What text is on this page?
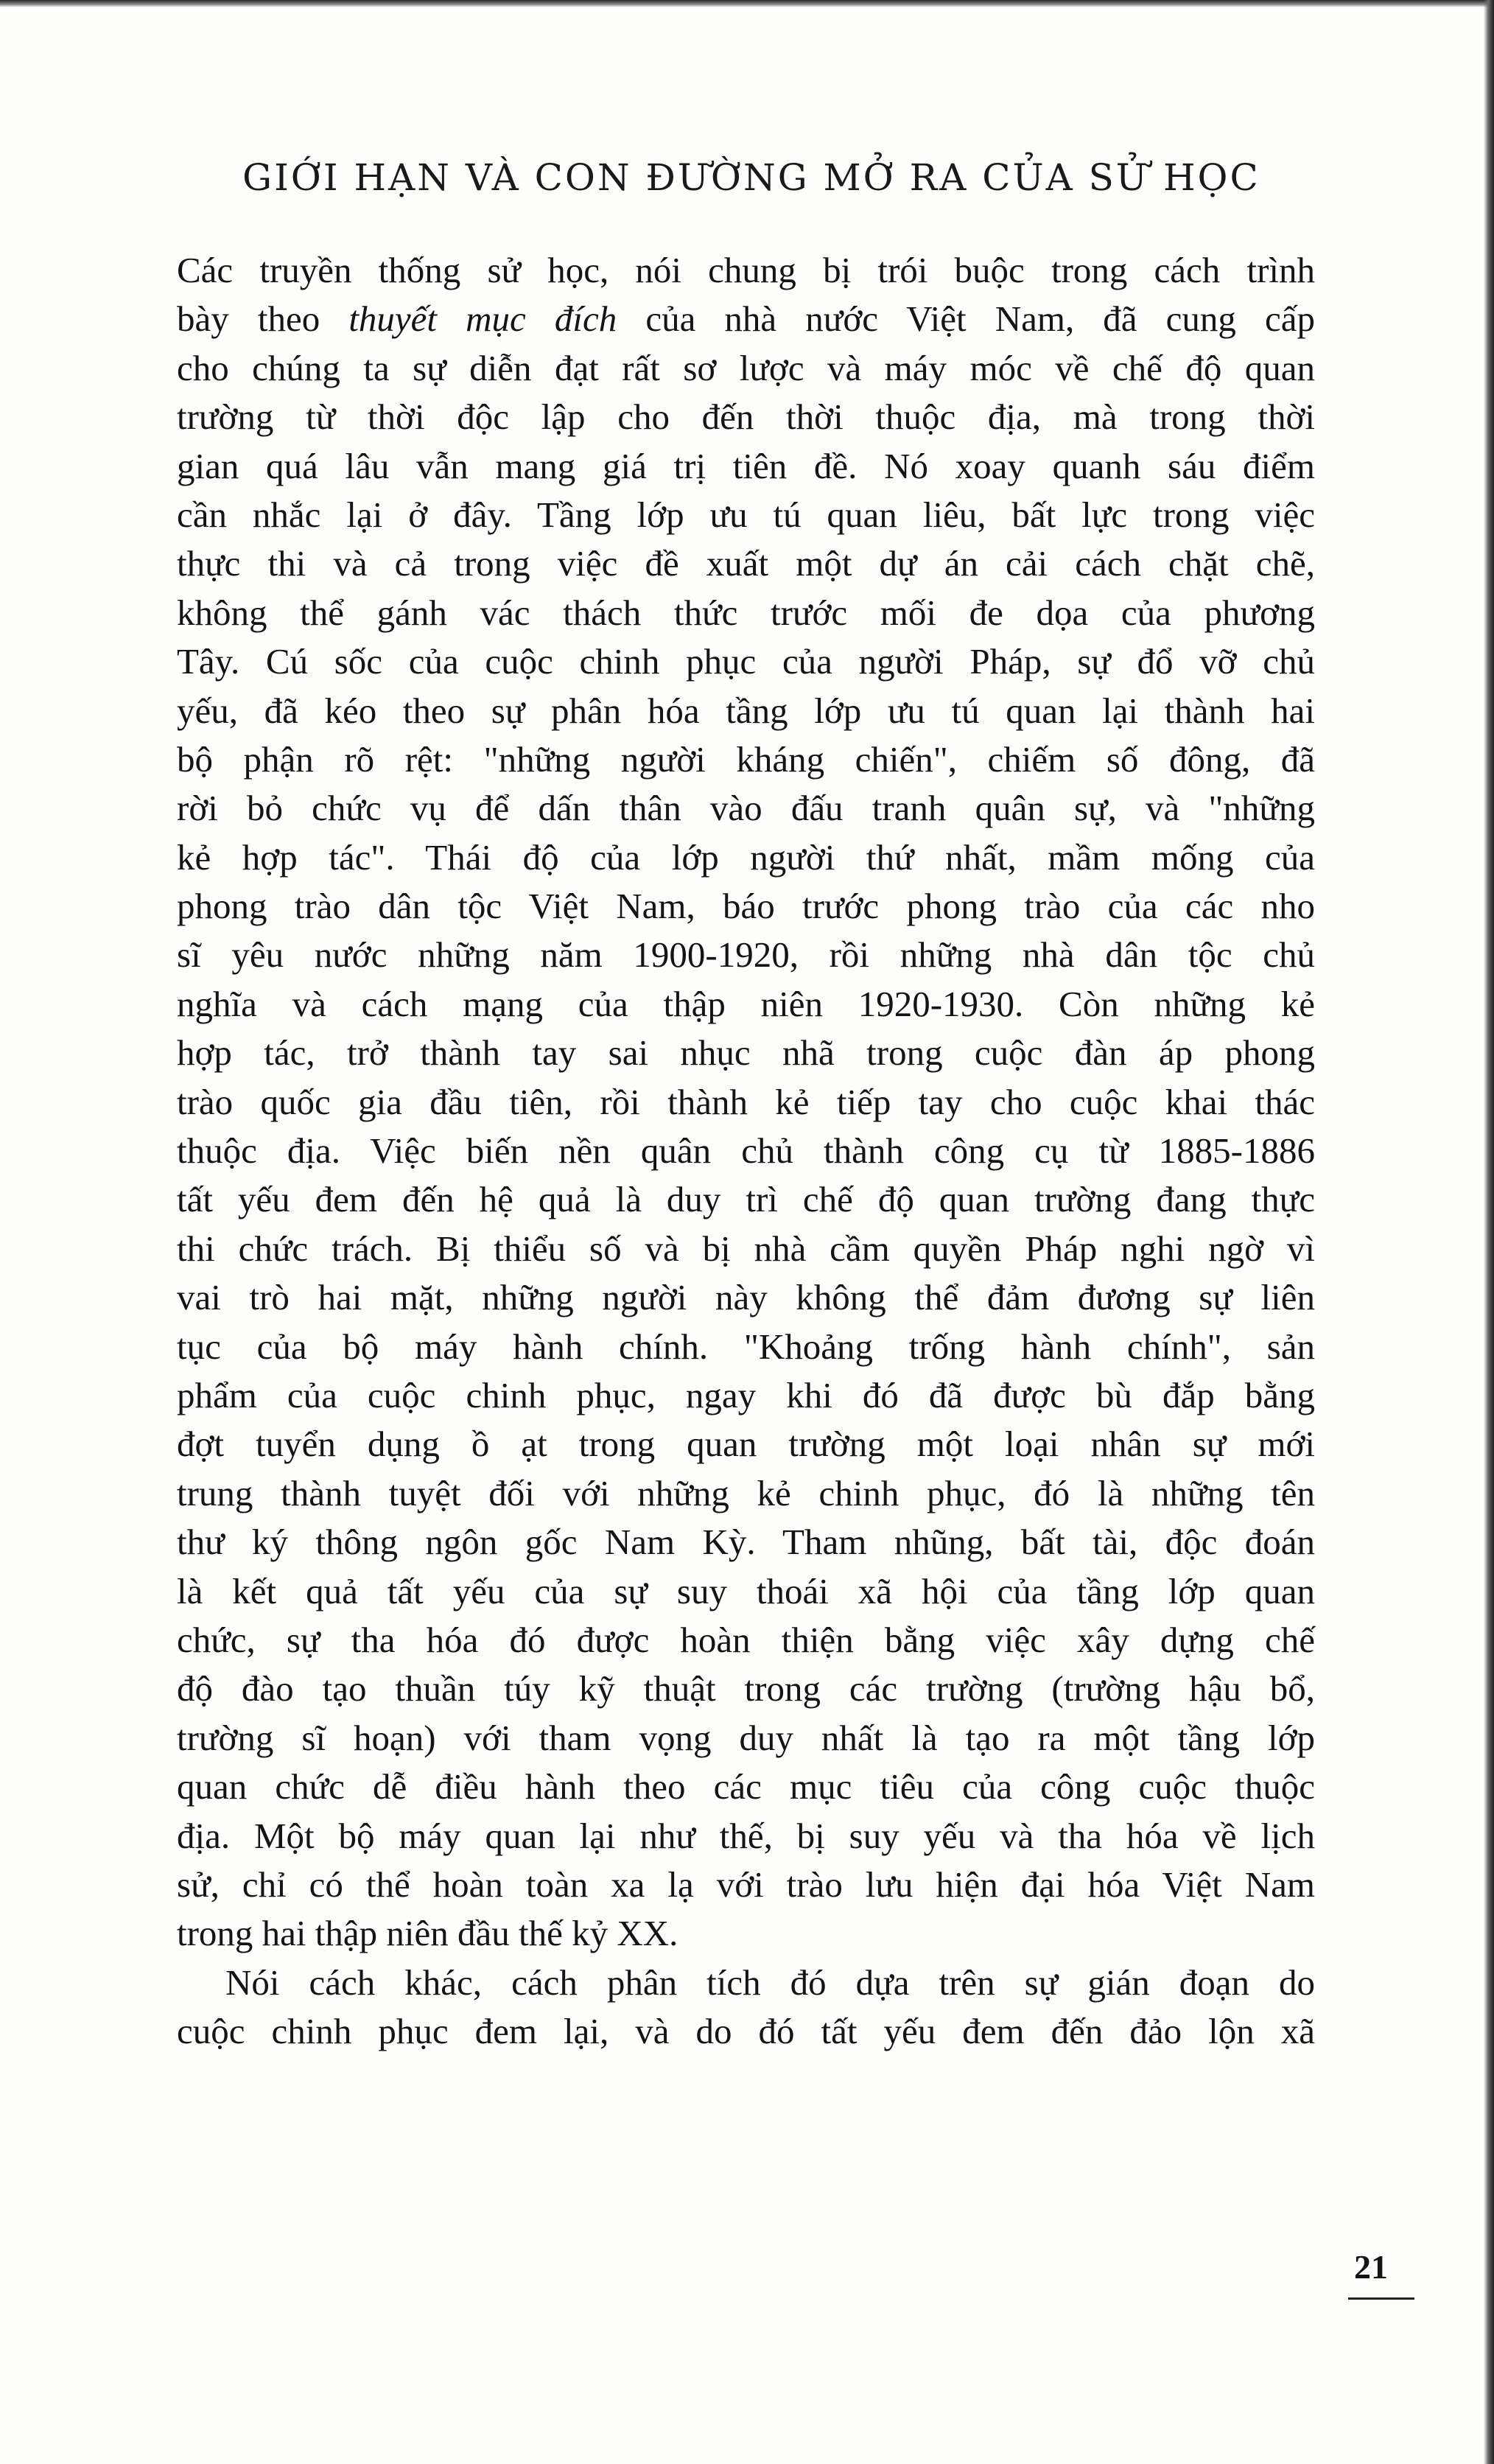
GIỚI HẠN VÀ CON ĐƯỜNG MỞ RA CỦA SỬ HỌC
Các truyền thống sử học, nói chung bị trói buộc trong cách trình
bày theo thuyết mục đích của nhà nước Việt Nam, đã cung cấp
cho chúng ta sự diễn đạt rất sơ lược và máy móc về chế độ quan
trường từ thời độc lập cho đến thời thuộc địa, mà trong thời
gian quá lâu vẫn mang giá trị tiên đề. Nó xoay quanh sáu điểm
cần nhắc lại ở đây. Tầng lớp ưu tú quan liêu, bất lực trong việc
thực thi và cả trong việc đề xuất một dự án cải cách chặt chẽ,
không thể gánh vác thách thức trước mối đe dọa của phương
Tây. Cú sốc của cuộc chinh phục của người Pháp, sự đổ vỡ chủ
yếu, đã kéo theo sự phân hóa tầng lớp ưu tú quan lại thành hai
bộ phận rõ rệt: "những người kháng chiến", chiếm số đông, đã
rời bỏ chức vụ để dấn thân vào đấu tranh quân sự, và "những
kẻ hợp tác". Thái độ của lớp người thứ nhất, mầm mống của
phong trào dân tộc Việt Nam, báo trước phong trào của các nho
sĩ yêu nước những năm 1900-1920, rồi những nhà dân tộc chủ
nghĩa và cách mạng của thập niên 1920-1930. Còn những kẻ
hợp tác, trở thành tay sai nhục nhã trong cuộc đàn áp phong
trào quốc gia đầu tiên, rồi thành kẻ tiếp tay cho cuộc khai thác
thuộc địa. Việc biến nền quân chủ thành công cụ từ 1885-1886
tất yếu đem đến hệ quả là duy trì chế độ quan trường đang thực
thi chức trách. Bị thiểu số và bị nhà cầm quyền Pháp nghi ngờ vì
vai trò hai mặt, những người này không thể đảm đương sự liên
tục của bộ máy hành chính. "Khoảng trống hành chính", sản
phẩm của cuộc chinh phục, ngay khi đó đã được bù đắp bằng
đợt tuyển dụng ồ ạt trong quan trường một loại nhân sự mới
trung thành tuyệt đối với những kẻ chinh phục, đó là những tên
thư ký thông ngôn gốc Nam Kỳ. Tham nhũng, bất tài, độc đoán
là kết quả tất yếu của sự suy thoái xã hội của tầng lớp quan
chức, sự tha hóa đó được hoàn thiện bằng việc xây dựng chế
độ đào tạo thuần túy kỹ thuật trong các trường (trường hậu bổ,
trường sĩ hoạn) với tham vọng duy nhất là tạo ra một tầng lớp
quan chức dễ điều hành theo các mục tiêu của công cuộc thuộc
địa. Một bộ máy quan lại như thế, bị suy yếu và tha hóa về lịch
sử, chỉ có thể hoàn toàn xa lạ với trào lưu hiện đại hóa Việt Nam
trong hai thập niên đầu thế kỷ XX.
Nói cách khác, cách phân tích đó dựa trên sự gián đoạn do
cuộc chinh phục đem lại, và do đó tất yếu đem đến đảo lộn xã
21
